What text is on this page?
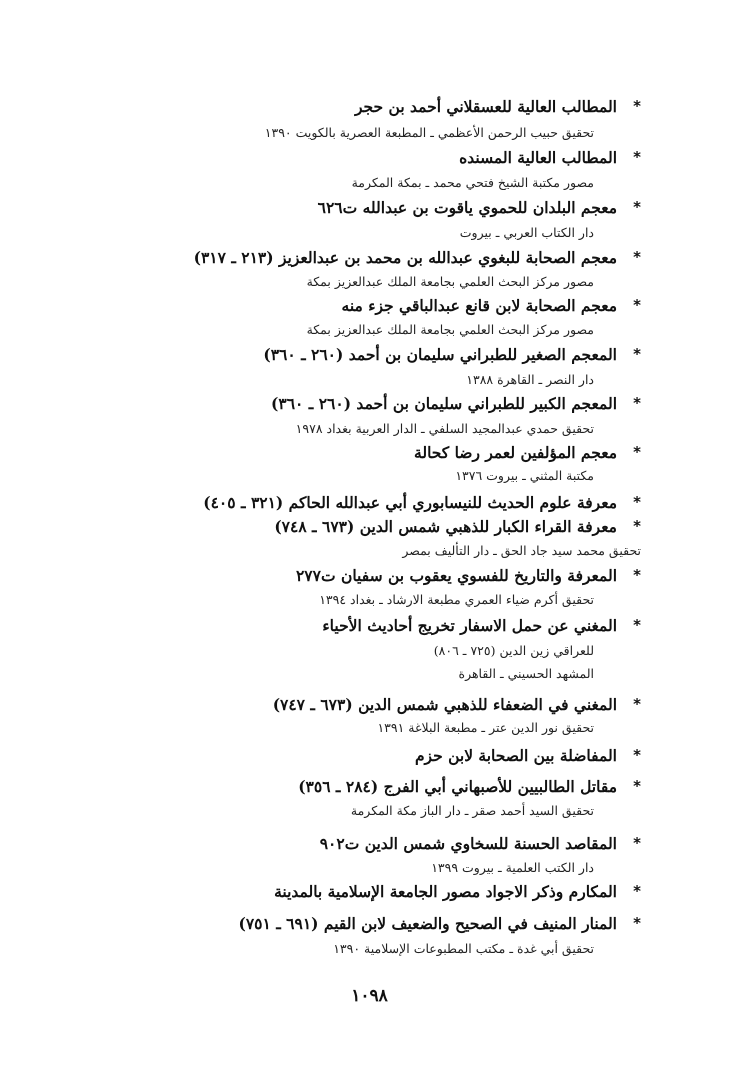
*
المطالب العالية للعسقلاني أحمد بن حجر
تحقيق حبيب الرحمن الأعظمي ـ المطبعة العصرية بالكويت ١٣٩٠
*
المطالب العالية المسنده
مصور مكتبة الشيخ فتحي محمد ـ بمكة المكرمة
*
معجم البلدان للحموي ياقوت بن عبدالله ت٦٢٦
دار الكتاب العربي ـ بيروت
*
معجم الصحابة للبغوي عبدالله بن محمد بن عبدالعزيز (٢١٣ ـ ٣١٧)
مصور مركز البحث العلمي بجامعة الملك عبدالعزيز بمكة
*
معجم الصحابة لابن قانع عبدالباقي جزء منه
مصور مركز البحث العلمي بجامعة الملك عبدالعزيز بمكة
*
المعجم الصغير للطبراني سليمان بن أحمد (٢٦٠ ـ ٣٦٠)
دار النصر ـ القاهرة ١٣٨٨
*
المعجم الكبير للطبراني سليمان بن أحمد (٢٦٠ ـ ٣٦٠)
تحقيق حمدي عبدالمجيد السلفي ـ الدار العربية بغداد ١٩٧٨
*
معجم المؤلفين لعمر رضا كحالة
مكتبة المثني ـ بيروت ١٣٧٦
*
معرفة علوم الحديث للنيسابوري أبي عبدالله الحاكم (٣٢١ ـ ٤٠٥)
*
معرفة القراء الكبار للذهبي شمس الدين (٦٧٣ ـ ٧٤٨)
تحقيق محمد سيد جاد الحق ـ دار التأليف بمصر
*
المعرفة والتاريخ للفسوي يعقوب بن سفيان ت٢٧٧
تحقيق أكرم ضياء العمري مطبعة الارشاد ـ بغداد ١٣٩٤
*
المغني عن حمل الاسفار تخريج أحاديث الأحياء
للعراقي زين الدين (٧٢٥ ـ ٨٠٦)
المشهد الحسيني ـ القاهرة
*
المغني في الضعفاء للذهبي شمس الدين (٦٧٣ ـ ٧٤٧)
تحقيق نور الدين عتر ـ مطبعة البلاغة ١٣٩١
*
المفاضلة بين الصحابة لابن حزم
*
مقاتل الطالبيين للأصبهاني أبي الفرج (٢٨٤ ـ ٣٥٦)
تحقيق السيد أحمد صقر ـ دار الباز مكة المكرمة
*
المقاصد الحسنة للسخاوي شمس الدين ت٩٠٢
دار الكتب العلمية ـ بيروت ١٣٩٩
*
المكارم وذكر الاجواد مصور الجامعة الإسلامية بالمدينة
*
المنار المنيف في الصحيح والضعيف لابن القيم (٦٩١ ـ ٧٥١)
تحقيق أبي غدة ـ مكتب المطبوعات الإسلامية ١٣٩٠
١٠٩٨
